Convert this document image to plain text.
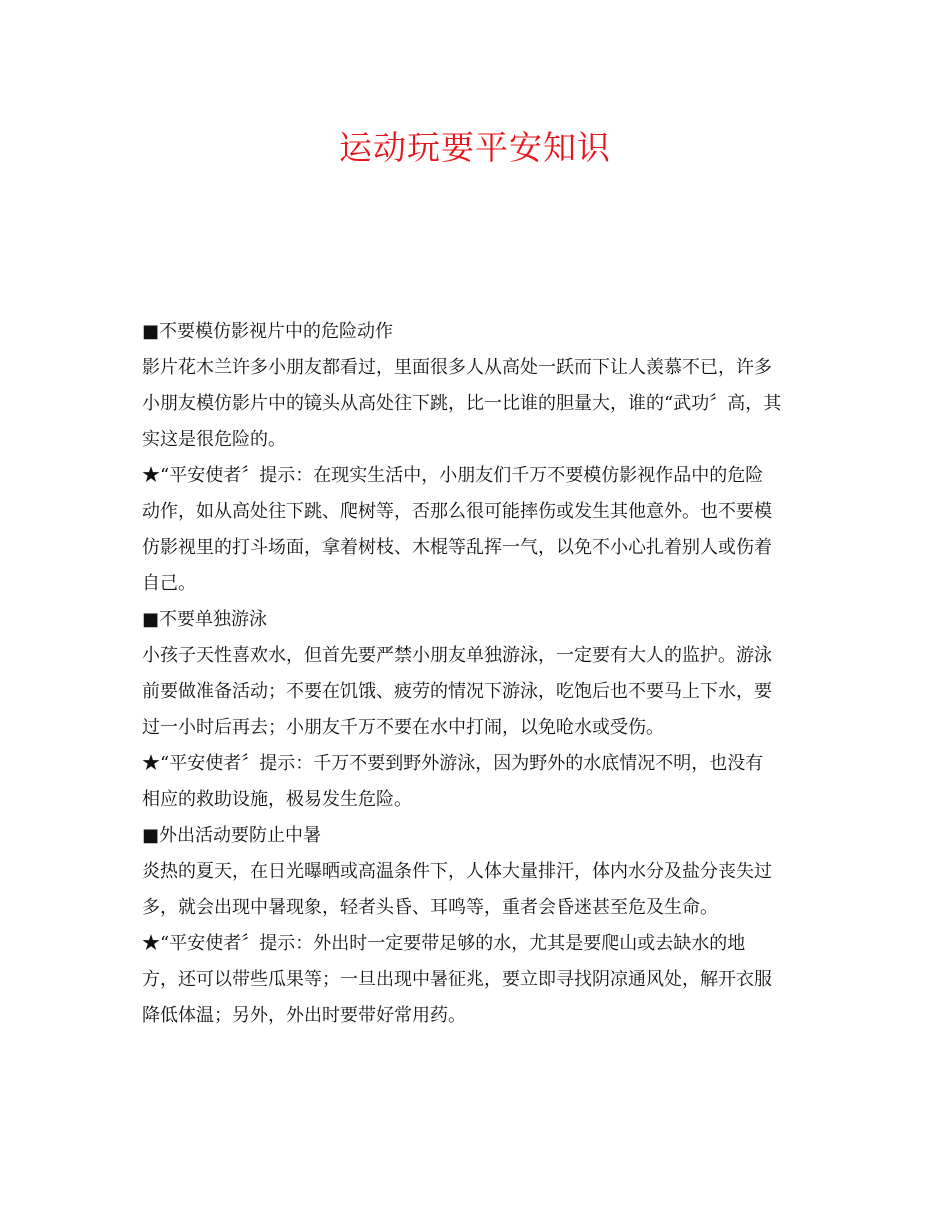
运动玩要平安知识
■不要模仿影视片中的危险动作
影片花木兰许多小朋友都看过，里面很多人从高处一跃而下让人羡慕不已，许多
小朋友模仿影片中的镜头从高处往下跳，比一比谁的胆量大，谁的“武功〞高，其
实这是很危险的。
★“平安使者〞提示：在现实生活中，小朋友们千万不要模仿影视作品中的危险
动作，如从高处往下跳、爬树等，否那么很可能摔伤或发生其他意外。也不要模
仿影视里的打斗场面，拿着树枝、木棍等乱挥一气，以免不小心扎着别人或伤着
自己。
■不要单独游泳
小孩子天性喜欢水，但首先要严禁小朋友单独游泳，一定要有大人的监护。游泳
前要做准备活动；不要在饥饿、疲劳的情况下游泳，吃饱后也不要马上下水，要
过一小时后再去；小朋友千万不要在水中打闹，以免呛水或受伤。
★“平安使者〞提示：千万不要到野外游泳，因为野外的水底情况不明，也没有
相应的救助设施，极易发生危险。
■外出活动要防止中暑
炎热的夏天，在日光曝晒或高温条件下，人体大量排汗，体内水分及盐分丧失过
多，就会出现中暑现象，轻者头昏、耳鸣等，重者会昏迷甚至危及生命。
★“平安使者〞提示：外出时一定要带足够的水，尤其是要爬山或去缺水的地
方，还可以带些瓜果等；一旦出现中暑征兆，要立即寻找阴凉通风处，解开衣服
降低体温；另外，外出时要带好常用药。
